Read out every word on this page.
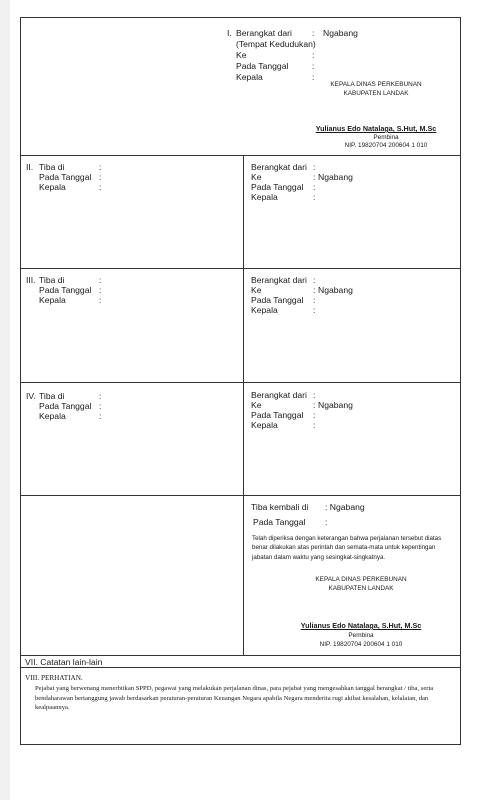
I. Berangkat dari : Ngabang
(Tempat Kedudukan)
Ke	:
Pada Tanggal	:
Kepala	:
KEPALA DINAS PERKEBUNAN
KABUPATEN LANDAK
Yulianus Edo Natalaga, S.Hut, M.Sc
Pembina
NIP. 19820704 200604 1 010
II. Tiba di	:
Pada Tanggal :
Kepala	:
Berangkat dari :
Ke	: Ngabang
Pada Tanggal :
Kepala	:
III. Tiba di	:
Pada Tanggal :
Kepala	:
Berangkat dari :
Ke	: Ngabang
Pada Tanggal :
Kepala	:
IV. Tiba di	:
Pada Tanggal :
Kepala	:
Berangkat dari :
Ke	: Ngabang
Pada Tanggal :
Kepala	:
Tiba kembali di : Ngabang
Pada Tanggal :
Telah diperiksa dengan keterangan bahwa perjalanan tersebut diatas benar dilakukan atas perintah dan semata-mata untuk kepentingan jabatan dalam waktu yang sesingkat-singkatnya.
KEPALA DINAS PERKEBUNAN
KABUPATEN LANDAK
Yulianus Edo Natalaga, S.Hut, M.Sc
Pembina
NIP. 19820704 200604 1 010
VII. Catatan lain-lain
VIII. PERHATIAN.
Pejabat yang berwenang menerbitkan SPPD, pegawai yang melakukan perjalanan dinas, para pejabat yang mengesahkan tanggal berangkat / tiba, serta bendaharawan bertanggung jawab berdasarkan peraturan-peraturan Keuangan Negara apabila Negara menderita rugi akibat kesalahan, kelalaian, dan kealpaannya.
